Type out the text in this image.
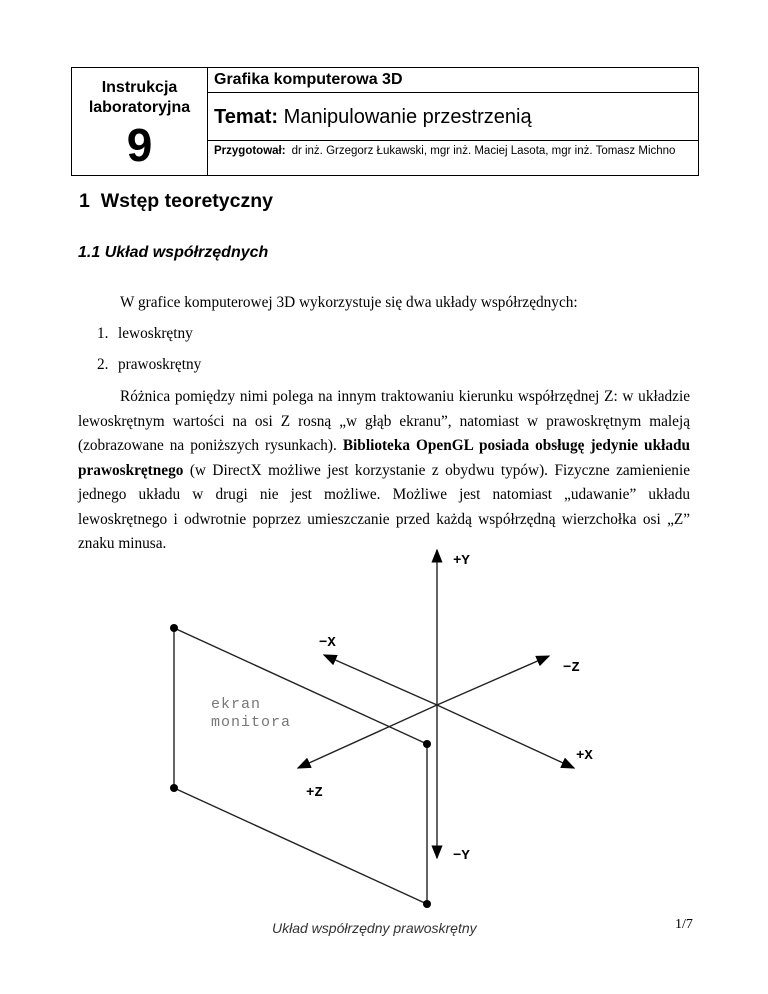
Instrukcja
laboratoryjna
9
Grafika komputerowa 3D
Temat: Manipulowanie przestrzenią
Przygotował: dr inż. Grzegorz Łukawski, mgr inż. Maciej Lasota, mgr inż. Tomasz Michno
1 Wstęp teoretyczny
1.1 Układ współrzędnych
W grafice komputerowej 3D wykorzystuje się dwa układy współrzędnych:
1. lewoskrętny
2. prawoskrętny
Różnica pomiędzy nimi polega na innym traktowaniu kierunku współrzędnej Z: w układzie lewoskrętnym wartości na osi Z rosną „w głąb ekranu”, natomiast w prawoskrętnym maleją (zobrazowane na poniższych rysunkach). Biblioteka OpenGL posiada obsługę jedynie układu prawoskrętnego (w DirectX możliwe jest korzystanie z obydwu typów). Fizyczne zamienienie jednego układu w drugi nie jest możliwe. Możliwe jest natomiast „udawanie” układu lewoskrętnego i odwrotnie poprzez umieszczanie przed każdą współrzędną wierzchołka osi „Z” znaku minusa.
+Y
−Y
−X
+X
−Z
+Z
ekran
monitora
Układ współrzędny prawoskrętny	1/7
